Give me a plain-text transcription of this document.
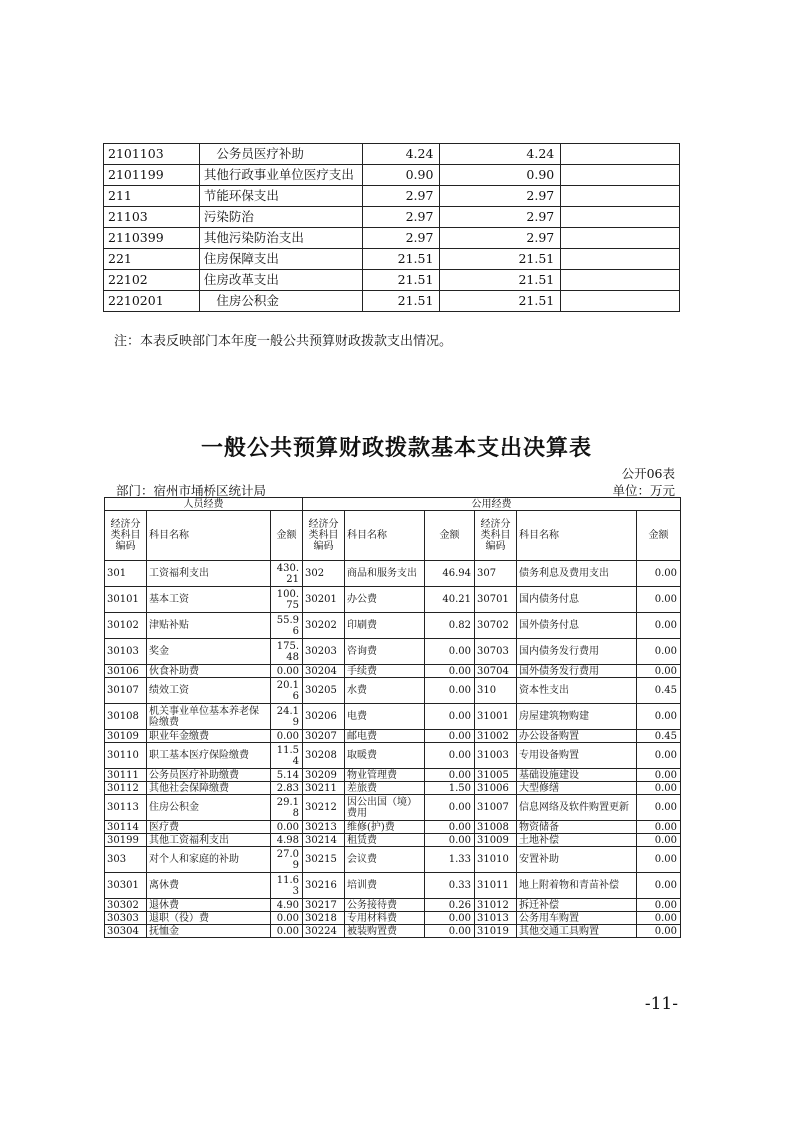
2101103	　公务员医疗补助	4.24	4.24	
2101199	其他行政事业单位医疗支出	0.90	0.90	
211	节能环保支出	2.97	2.97	
21103	污染防治	2.97	2.97	
2110399	其他污染防治支出	2.97	2.97	
221	住房保障支出	21.51	21.51	
22102	住房改革支出	21.51	21.51	
2210201	　住房公积金	21.51	21.51	
注：本表反映部门本年度一般公共预算财政拨款支出情况。
一般公共预算财政拨款基本支出决算表
公开06表
部门：宿州市埇桥区统计局	单位：万元
人员经费			公用经费					
经济分类科目编码	科目名称	金额	经济分类科目编码	科目名称	金额	经济分类科目编码	科目名称	金额
301	工资福利支出	430.21	302	商品和服务支出	46.94	307	债务利息及费用支出	0.00
30101	基本工资	100.75	30201	办公费	40.21	30701	国内债务付息	0.00
30102	津贴补贴	55.96	30202	印刷费	0.82	30702	国外债务付息	0.00
30103	奖金	175.48	30203	咨询费	0.00	30703	国内债务发行费用	0.00
30106	伙食补助费	0.00	30204	手续费	0.00	30704	国外债务发行费用	0.00
30107	绩效工资	20.16	30205	水费	0.00	310	资本性支出	0.45
30108	机关事业单位基本养老保险缴费	24.19	30206	电费	0.00	31001	房屋建筑物购建	0.00
30109	职业年金缴费	0.00	30207	邮电费	0.00	31002	办公设备购置	0.45
30110	职工基本医疗保险缴费	11.54	30208	取暖费	0.00	31003	专用设备购置	0.00
30111	公务员医疗补助缴费	5.14	30209	物业管理费	0.00	31005	基础设施建设	0.00
30112	其他社会保障缴费	2.83	30211	差旅费	1.50	31006	大型修缮	0.00
30113	住房公积金	29.18	30212	因公出国（境）费用	0.00	31007	信息网络及软件购置更新	0.00
30114	医疗费	0.00	30213	维修(护)费	0.00	31008	物资储备	0.00
30199	其他工资福利支出	4.98	30214	租赁费	0.00	31009	土地补偿	0.00
303	对个人和家庭的补助	27.09	30215	会议费	1.33	31010	安置补助	0.00
30301	离休费	11.63	30216	培训费	0.33	31011	地上附着物和青苗补偿	0.00
30302	退休费	4.90	30217	公务接待费	0.26	31012	拆迁补偿	0.00
30303	退职（役）费	0.00	30218	专用材料费	0.00	31013	公务用车购置	0.00
30304	抚恤金	0.00	30224	被装购置费	0.00	31019	其他交通工具购置	0.00
-11-
